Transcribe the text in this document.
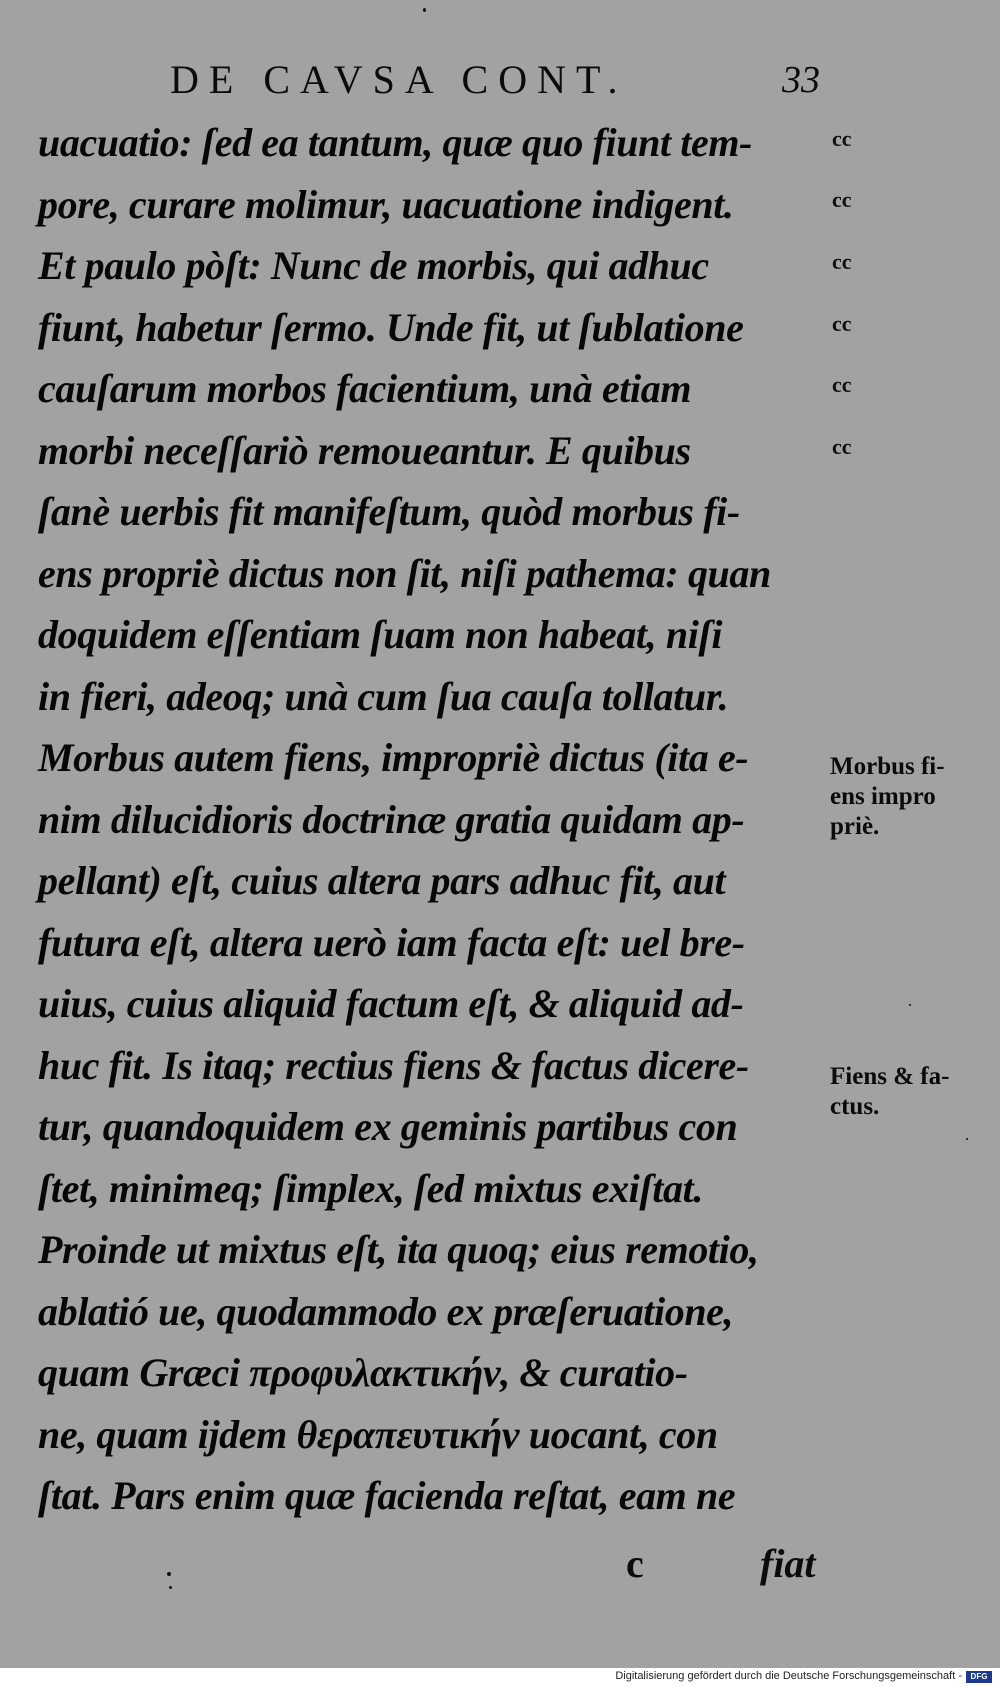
DE CAVSA CONT.	33
uacuatio: ſed ea tantum, quæ quo fiunt tem-
pore, curare molimur, uacuatione indigent.
Et paulo pòſt: Nunc de morbis, qui adhuc
fiunt, habetur ſermo. Unde fit, ut ſublatione
cauſarum morbos facientium, unà etiam
morbi neceſſariò remoueantur. E quibus
ſanè uerbis fit manifeſtum, quòd morbus fi-
ens propriè dictus non ſit, niſi pathema: quan
doquidem eſſentiam ſuam non habeat, niſi
in fieri, adeoq; unà cum ſua cauſa tollatur.
Morbus autem fiens, impropriè dictus (ita e-
nim dilucidioris doctrinæ gratia quidam ap-
pellant) eſt, cuius altera pars adhuc fit, aut
futura eſt, altera uerò iam facta eſt: uel bre-
uius, cuius aliquid factum eſt, & aliquid ad-
huc fit. Is itaq; rectius fiens & factus dicere-
tur, quandoquidem ex geminis partibus con
ſtet, minimeq; ſimplex, ſed mixtus exiſtat.
Proinde ut mixtus eſt, ita quoq; eius remotio,
ablatió ue, quodammodo ex præſeruatione,
quam Græci προφυλακτικήν, & curatio-
ne, quam ijdem θεραπευτικήν uocant, con
ſtat. Pars enim quæ facienda reſtat, eam ne
cc
cc
cc
cc
cc
cc
Morbus fi-
ens impro
priè.
Fiens & fa-
ctus.
c	fiat
Digitalisierung gefördert durch die Deutsche Forschungsgemeinschaft -	DFG
